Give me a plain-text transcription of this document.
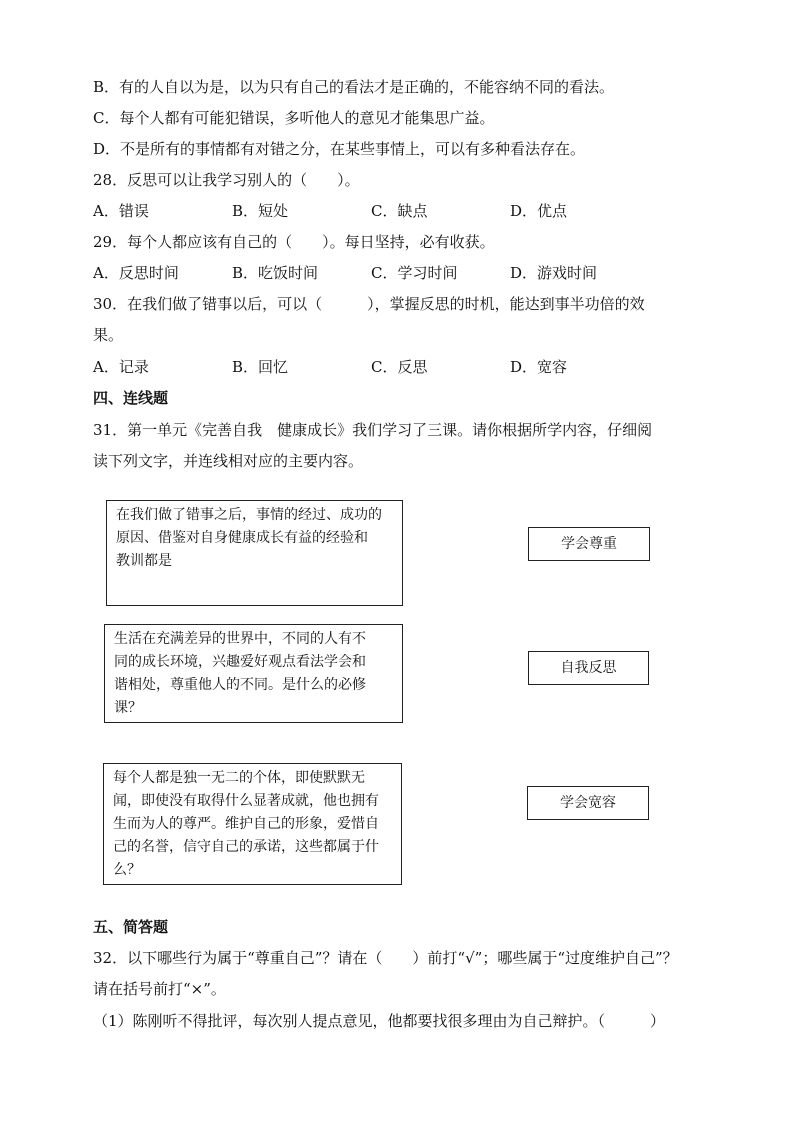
B．有的人自以为是，以为只有自己的看法才是正确的，不能容纳不同的看法。
C．每个人都有可能犯错误，多听他人的意见才能集思广益。
D．不是所有的事情都有对错之分，在某些事情上，可以有多种看法存在。
28．反思可以让我学习别人的（　　）。
A．错误	B．短处	C．缺点	D．优点
29．每个人都应该有自己的（　　）。每日坚持，必有收获。
A．反思时间	B．吃饭时间	C．学习时间	D．游戏时间
30．在我们做了错事以后，可以（　　　），掌握反思的时机，能达到事半功倍的效
果。
A．记录	B．回忆	C．反思	D．宽容
四、连线题
31．第一单元《完善自我　健康成长》我们学习了三课。请你根据所学内容，仔细阅
读下列文字，并连线相对应的主要内容。
在我们做了错事之后，事情的经过、成功的
原因、借鉴对自身健康成长有益的经验和
教训都是
生活在充满差异的世界中，不同的人有不
同的成长环境，兴趣爱好观点看法学会和
谐相处，尊重他人的不同。是什么的必修
课？
每个人都是独一无二的个体，即使默默无
闻，即使没有取得什么显著成就，他也拥有
生而为人的尊严。维护自己的形象，爱惜自
己的名誉，信守自己的承诺，这些都属于什
么？
学会尊重
自我反思
学会宽容
五、简答题
32．以下哪些行为属于“尊重自己”？请在（　　）前打“√”；哪些属于“过度维护自己”？
请在括号前打“×”。
（1）陈刚听不得批评，每次别人提点意见，他都要找很多理由为自己辩护。（　　　）
